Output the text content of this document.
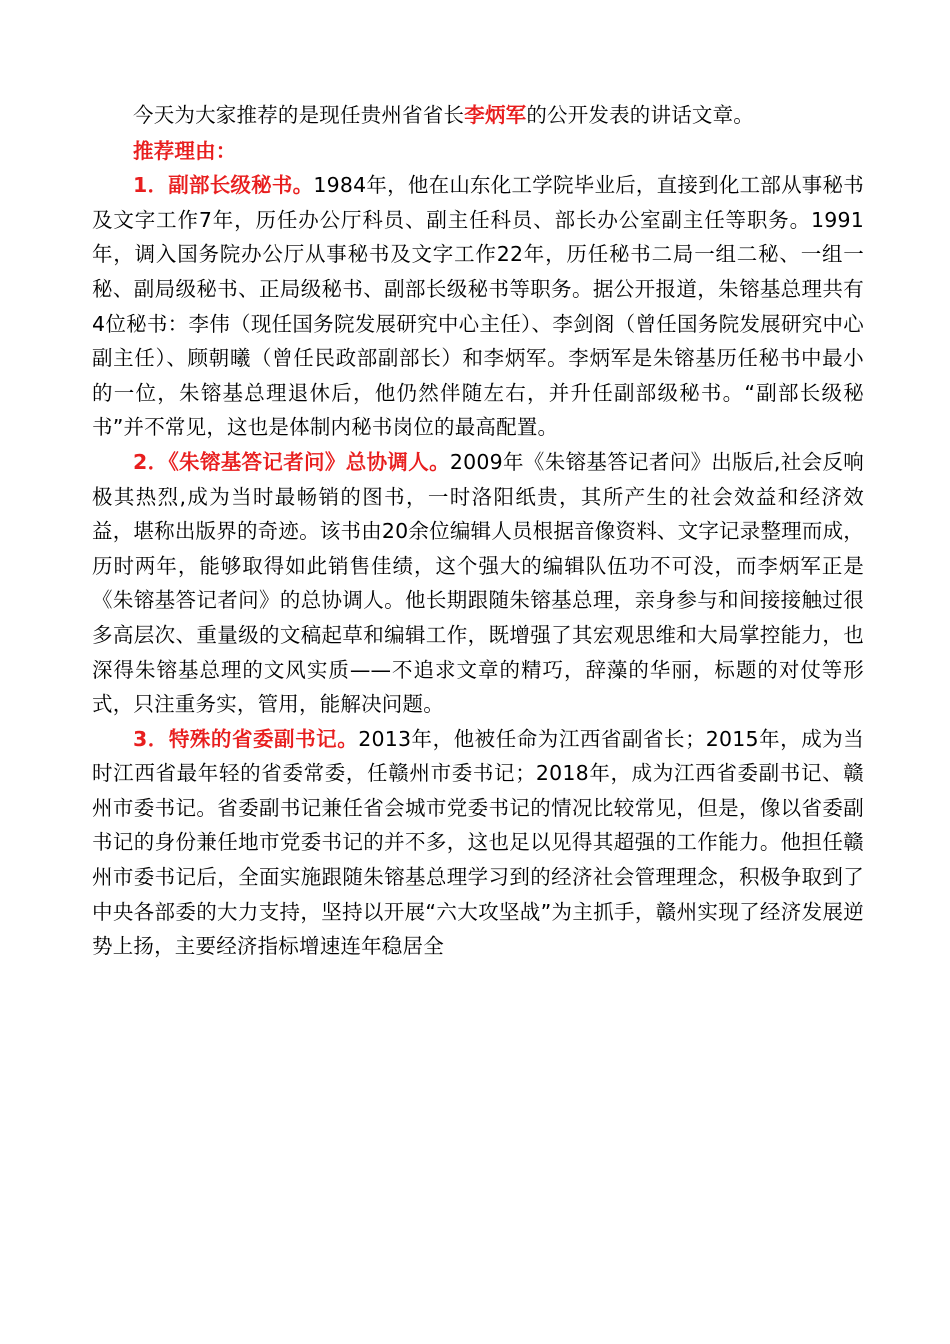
今天为大家推荐的是现任贵州省省长李炳军的公开发表的讲话文章。

推荐理由：

1．副部长级秘书。1984年，他在山东化工学院毕业后，直接到化工部从事秘书及文字工作7年，历任办公厅科员、副主任科员、部长办公室副主任等职务。1991年，调入国务院办公厅从事秘书及文字工作22年，历任秘书二局一组二秘、一组一秘、副局级秘书、正局级秘书、副部长级秘书等职务。据公开报道，朱镕基总理共有4位秘书：李伟（现任国务院发展研究中心主任）、李剑阁（曾任国务院发展研究中心副主任）、顾朝曦（曾任民政部副部长）和李炳军。李炳军是朱镕基历任秘书中最小的一位，朱镕基总理退休后，他仍然伴随左右，并升任副部级秘书。“副部长级秘书”并不常见，这也是体制内秘书岗位的最高配置。

2．《朱镕基答记者问》总协调人。2009年《朱镕基答记者问》出版后,社会反响极其热烈,成为当时最畅销的图书，一时洛阳纸贵，其所产生的社会效益和经济效益，堪称出版界的奇迹。该书由20余位编辑人员根据音像资料、文字记录整理而成，历时两年，能够取得如此销售佳绩，这个强大的编辑队伍功不可没，而李炳军正是《朱镕基答记者问》的总协调人。他长期跟随朱镕基总理，亲身参与和间接接触过很多高层次、重量级的文稿起草和编辑工作，既增强了其宏观思维和大局掌控能力，也深得朱镕基总理的文风实质——不追求文章的精巧，辞藻的华丽，标题的对仗等形式，只注重务实，管用，能解决问题。

3．特殊的省委副书记。2013年，他被任命为江西省副省长；2015年，成为当时江西省最年轻的省委常委，任赣州市委书记；2018年，成为江西省委副书记、赣州市委书记。省委副书记兼任省会城市党委书记的情况比较常见，但是，像以省委副书记的身份兼任地市党委书记的并不多，这也足以见得其超强的工作能力。他担任赣州市委书记后，全面实施跟随朱镕基总理学习到的经济社会管理理念，积极争取到了中央各部委的大力支持，坚持以开展“六大攻坚战”为主抓手，赣州实现了经济发展逆势上扬，主要经济指标增速连年稳居全
